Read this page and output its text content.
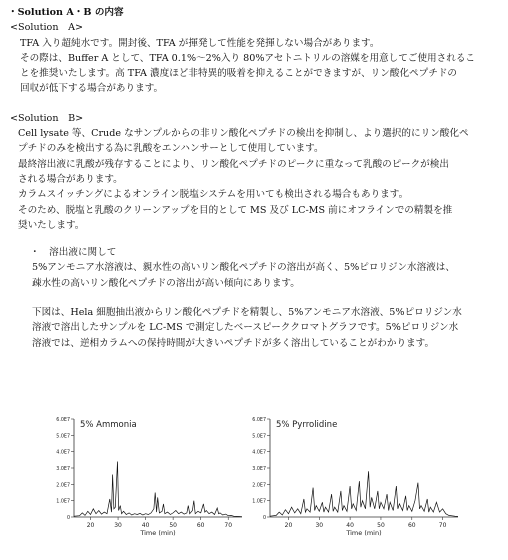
・Solution A・B の内容

<Solution　A>

TFA 入り超純水です。開封後、TFA が揮発して性能を発揮しない場合があります。

その際は、Buffer A として、TFA 0.1%～2%入り 80%アセトニトリルの溶媒を用意してご使用されるこ

とを推奨いたします。高 TFA 濃度ほど非特異的吸着を抑えることができますが、リン酸化ペプチドの

回収が低下する場合があります。

<Solution　B>

Cell lysate 等、Crude なサンプルからの非リン酸化ペプチドの検出を抑制し、より選択的にリン酸化ペ

プチドのみを検出する為に乳酸をエンハンサーとして使用しています。

最終溶出液に乳酸が残存することにより、リン酸化ペプチドのピークに重なって乳酸のピークが検出

される場合があります。

カラムスイッチングによるオンライン脱塩システムを用いても検出される場合もあります。

そのため、脱塩と乳酸のクリーンアップを目的として MS 及び LC-MS 前にオフラインでの精製を推

奨いたします。

・　溶出液に関して

5%アンモニア水溶液は、親水性の高いリン酸化ペプチドの溶出が高く、5%ピロリジン水溶液は、

疎水性の高いリン酸化ペプチドの溶出が高い傾向にあります。

下図は、Hela 細胞抽出液からリン酸化ペプチドを精製し、5%アンモニア水溶液、5%ピロリジン水

溶液で溶出したサンプルを LC-MS で測定したベースピーククロマトグラフです。5%ピロリジン水

溶液では、逆相カラムへの保持時間が大きいペプチドが多く溶出していることがわかります。

0
1.0E7
2.0E7
3.0E7
4.0E7
5.0E7
6.0E7
20	30	40	50	60	70
Time (min)
5% Ammonia
0
1.0E7
2.0E7
3.0E7
4.0E7
5.0E7
6.0E7
20	30	40	50	60	70
Time (min)
5% Pyrrolidine
